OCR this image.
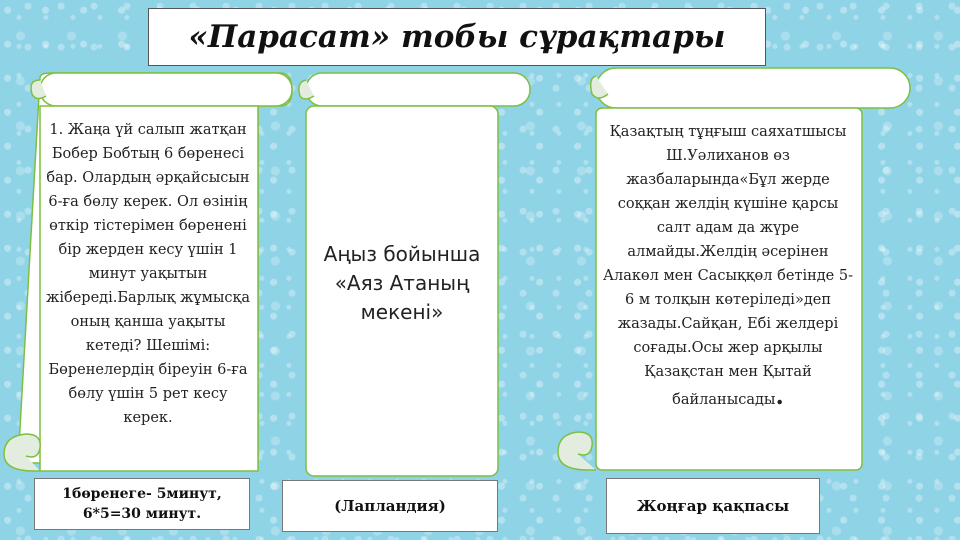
«Парасат» тобы сұрақтары
1. Жаңа үй салып жатқан Бобер Бобтың 6 бөренесі бар. Олардың әрқайсысын 6-ға бөлу керек. Ол өзінің өткір тістерімен бөренені бір жерден кесу үшін 1 минут уақытын жібереді.Барлық жұмысқа оның қанша уақыты кетеді? Шешімі: Бөренелердің біреуін 6-ға бөлу үшін 5 рет кесу керек.
Аңыз бойынша «Аяз Атаның мекені»
Қазақтың тұңғыш саяхатшысы Ш.Уәлиханов өз жазбаларында«Бұл жерде соққан желдің күшіне қарсы салт адам да жүре алмайды.Желдің әсерінен Алакөл мен Сасыққөл бетінде 5-6 м толқын көтеріледі»деп жазады.Сайқан, Ебі желдері соғады.Осы жер арқылы Қазақстан мен Қытай байланысады.
1бөренеге- 5минут,
6*5=30 минут.	(Лапландия)	Жоңғар қақпасы
